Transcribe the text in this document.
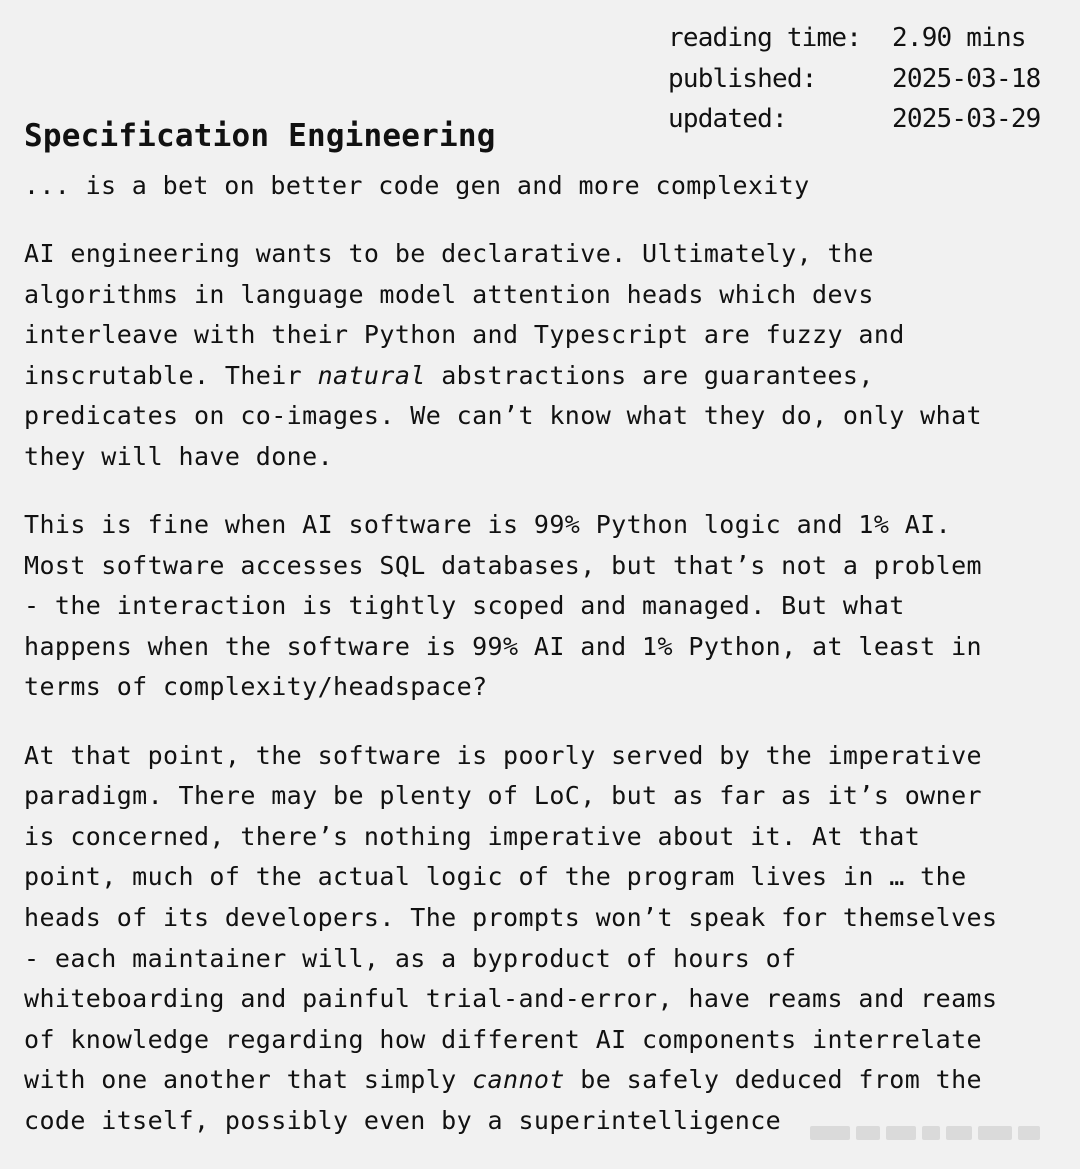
reading time:	2.90 mins
published:	2025-03-18
updated:	2025-03-29
Specification Engineering
... is a bet on better code gen and more complexity

AI engineering wants to be declarative. Ultimately, the
algorithms in language model attention heads which devs
interleave with their Python and Typescript are fuzzy and
inscrutable. Their natural abstractions are guarantees,
predicates on co-images. We can’t know what they do, only what
they will have done.

This is fine when AI software is 99% Python logic and 1% AI.
Most software accesses SQL databases, but that’s not a problem
- the interaction is tightly scoped and managed. But what
happens when the software is 99% AI and 1% Python, at least in
terms of complexity/headspace?

At that point, the software is poorly served by the imperative
paradigm. There may be plenty of LoC, but as far as it’s owner
is concerned, there’s nothing imperative about it. At that
point, much of the actual logic of the program lives in … the
heads of its developers. The prompts won’t speak for themselves
- each maintainer will, as a byproduct of hours of
whiteboarding and painful trial-and-error, have reams and reams
of knowledge regarding how different AI components interrelate
with one another that simply cannot be safely deduced from the
code itself, possibly even by a superintelligence
